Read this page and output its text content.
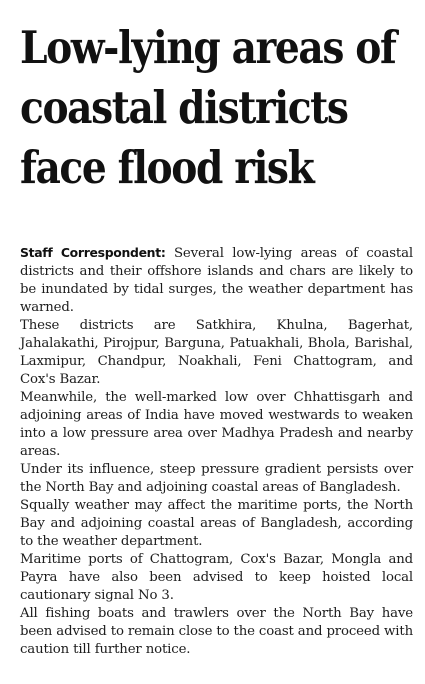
Low-lying areas of
coastal districts
face flood risk

Staff Correspondent: Several low-lying areas of coastal districts and their offshore islands and chars are likely to be inundated by tidal surges, the weather department has warned.

These districts are Satkhira, Khulna, Bagerhat, Jahalakathi, Pirojpur, Barguna, Patuakhali, Bhola, Barishal, Laxmipur, Chandpur, Noakhali, Feni Chattogram, and Cox's Bazar.

Meanwhile, the well-marked low over Chhattisgarh and adjoining areas of India have moved westwards to weaken into a low pressure area over Madhya Pradesh and nearby areas.

Under its influence, steep pressure gradient persists over the North Bay and adjoining coastal areas of Bangladesh.

Squally weather may affect the maritime ports, the North Bay and adjoining coastal areas of Bangladesh, according to the weather department.

Maritime ports of Chattogram, Cox's Bazar, Mongla and Payra have also been advised to keep hoisted local cautionary signal No 3.

All fishing boats and trawlers over the North Bay have been advised to remain close to the coast and proceed with caution till further notice.
